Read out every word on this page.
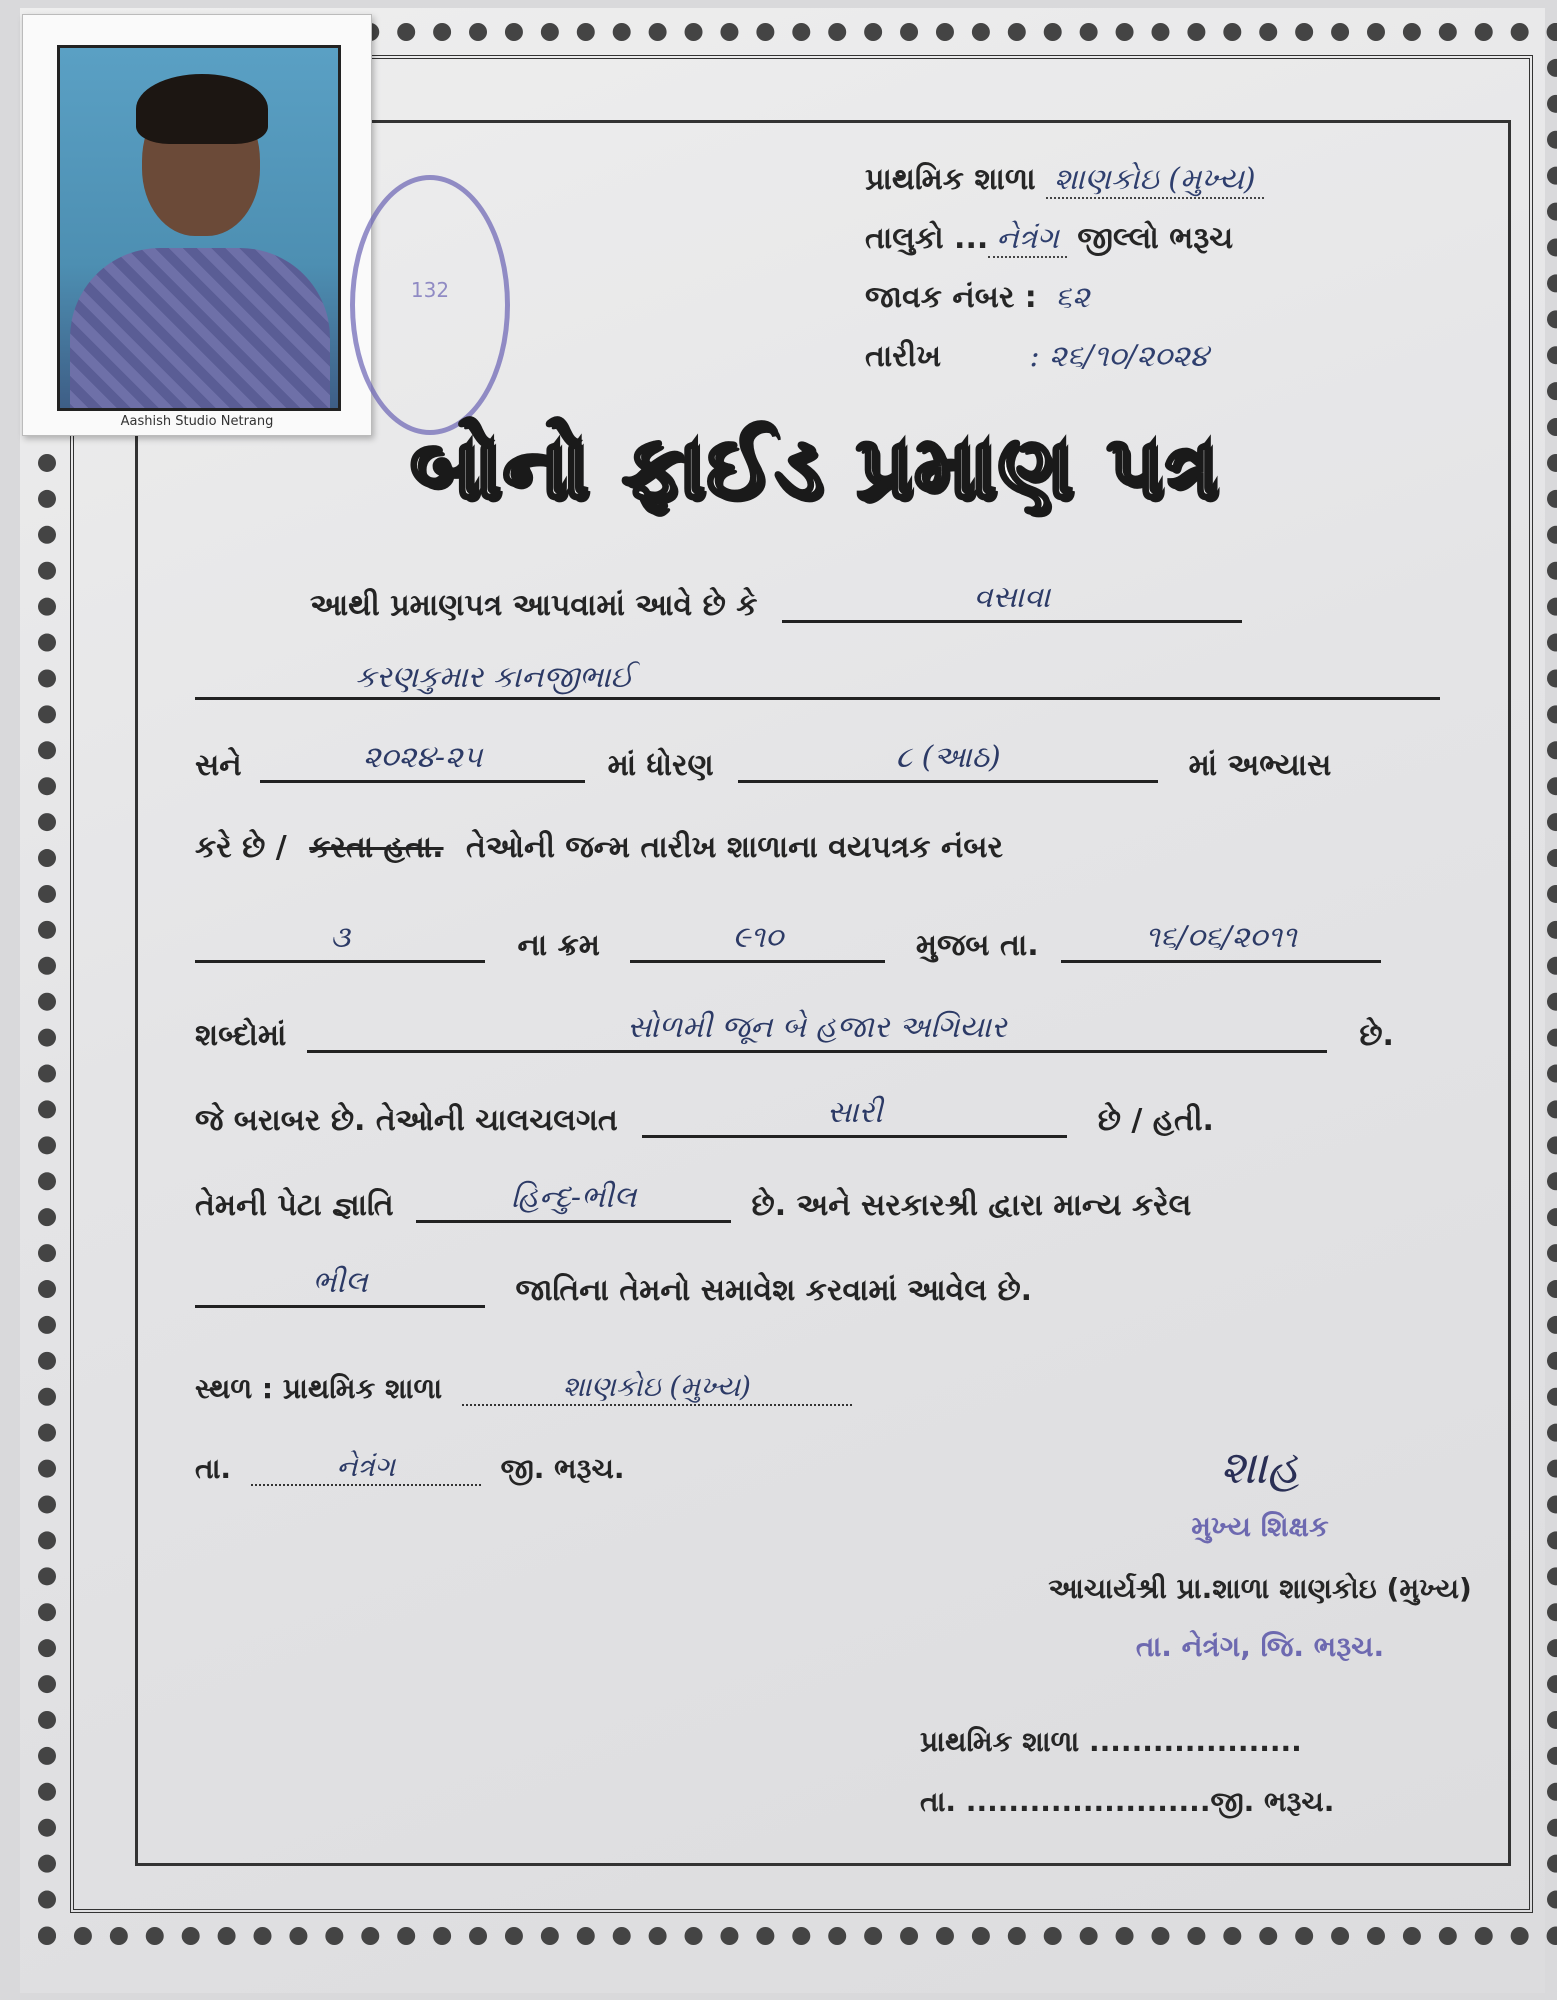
Aashish Studio Netrang
132
પ્રાથમિક શાળા શાણકોઇ (મુખ્ય)
તાલુકો ... નેત્રંગ જીલ્લો ભરૂચ
જાવક નંબર : ૬૨
તારીખ	: ૨૬/૧૦/૨૦૨૪
બોનો ફાઈડ પ્રમાણ પત્ર
આથી પ્રમાણપત્ર આપવામાં આવે છે કે	વસાવા
કરણકુમાર કાનજીભાઈ
સને	૨૦૨૪-૨૫	માં ધોરણ	૮ (આઠ)	માં અભ્યાસ
કરે છે / કરતા હતા. તેઓની જન્મ તારીખ શાળાના વયપત્રક નંબર
૩	ના ક્રમ	૯૧૦	મુજબ તા.	૧૬/૦૬/૨૦૧૧
શબ્દોમાં	સોળમી જૂન બે હજાર અગિયાર	છે.
જે બરાબર છે. તેઓની ચાલચલગત	સારી	છે / હતી.
તેમની પેટા જ્ઞાતિ	હિન્દુ-ભીલ	છે. અને સરકારશ્રી દ્વારા માન્ય કરેલ
ભીલ	જાતિના તેમનો સમાવેશ કરવામાં આવેલ છે.
સ્થળ : પ્રાથમિક શાળા	શાણકોઇ (મુખ્ય)
તા.	નેત્રંગ	જી. ભરૂચ.	શાહ
મુખ્ય શિક્ષક
આચાર્યશ્રી પ્રા.શાળા શાણકોઇ (મુખ્ય)
તા. નેત્રંગ, જિ. ભરૂચ.
પ્રાથમિક શાળા ....................
તા. .......................જી. ભરૂચ.
